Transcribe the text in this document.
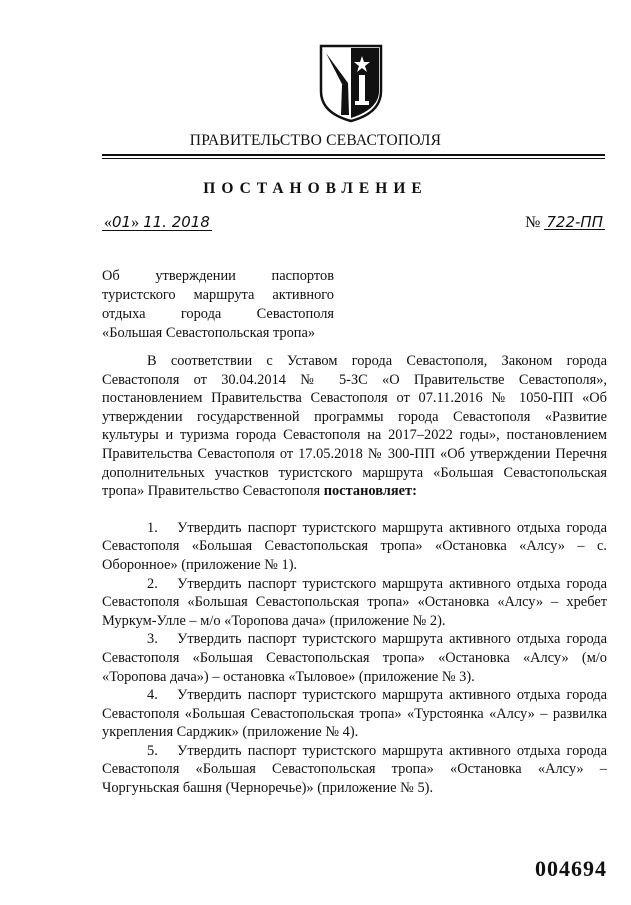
ПРАВИТЕЛЬСТВО СЕВАСТОПОЛЯ
ПОСТАНОВЛЕНИЕ
«01» 11. 2018	№ 722-ПП
Об утверждении паспортов
туристского маршрута активного
отдыха города Севастополя
«Большая Севастопольская тропа»

В соответствии с Уставом города Севастополя, Законом города Севастополя от 30.04.2014 № 5-ЗС «О Правительстве Севастополя», постановлением Правительства Севастополя от 07.11.2016 № 1050-ПП «Об утверждении государственной программы города Севастополя «Развитие культуры и туризма города Севастополя на 2017–2022 годы», постановлением Правительства Севастополя от 17.05.2018 № 300-ПП «Об утверждении Перечня дополнительных участков туристского маршрута «Большая Севастопольская тропа» Правительство Севастополя постановляет:

1. Утвердить паспорт туристского маршрута активного отдыха города Севастополя «Большая Севастопольская тропа» «Остановка «Алсу» – с. Оборонное» (приложение № 1).

2. Утвердить паспорт туристского маршрута активного отдыха города Севастополя «Большая Севастопольская тропа» «Остановка «Алсу» – хребет Муркум-Улле – м/о «Торопова дача» (приложение № 2).

3. Утвердить паспорт туристского маршрута активного отдыха города Севастополя «Большая Севастопольская тропа» «Остановка «Алсу» (м/о «Торопова дача») – остановка «Тыловое» (приложение № 3).

4. Утвердить паспорт туристского маршрута активного отдыха города Севастополя «Большая Севастопольская тропа» «Турстоянка «Алсу» – развилка укрепления Сарджик» (приложение № 4).

5. Утвердить паспорт туристского маршрута активного отдыха города Севастополя «Большая Севастопольская тропа» «Остановка «Алсу» – Чоргуньская башня (Черноречье)» (приложение № 5).

004694
